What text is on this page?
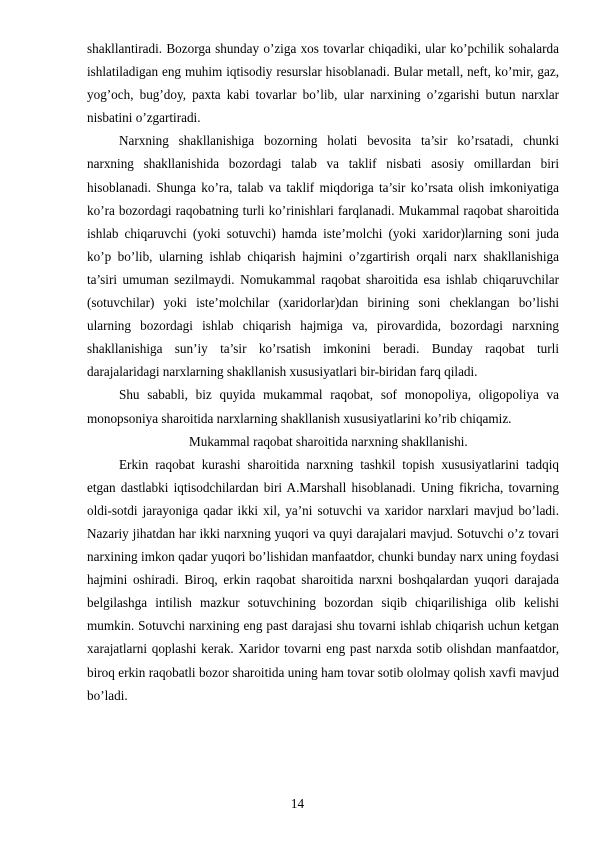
shakllantiradi. Bozorga shunday o’ziga xos tovarlar chiqadiki, ular ko’pchilik sohalarda ishlatiladigan eng muhim iqtisodiy resurslar hisoblanadi. Bular metall, neft, ko’mir, gaz, yog’och, bug’doy, paxta kabi tovarlar bo’lib, ular narxining o’zgarishi butun narxlar nisbatini o’zgartiradi.

Narxning shakllanishiga bozorning holati bevosita ta’sir ko’rsatadi, chunki narxning shakllanishida bozordagi talab va taklif nisbati asosiy omillardan biri hisoblanadi. Shunga ko’ra, talab va taklif miqdoriga ta’sir ko’rsata olish imkoniyatiga ko’ra bozordagi raqobatning turli ko’rinishlari farqlanadi. Mukammal raqobat sharoitida ishlab chiqaruvchi (yoki sotuvchi) hamda iste’molchi (yoki xaridor)larning soni juda ko’p bo’lib, ularning ishlab chiqarish hajmini o’zgartirish orqali narx shakllanishiga ta’siri umuman sezilmaydi. Nomukammal raqobat sharoitida esa ishlab chiqaruvchilar (sotuvchilar) yoki iste’molchilar (xaridorlar)dan birining soni cheklangan bo’lishi ularning bozordagi ishlab chiqarish hajmiga va, pirovardida, bozordagi narxning shakllanishiga sun’iy ta’sir ko’rsatish imkonini beradi. Bunday raqobat turli darajalaridagi narxlarning shakllanish xususiyatlari bir-biridan farq qiladi.

Shu sababli, biz quyida mukammal raqobat, sof monopoliya, oligopoliya va monopsoniya sharoitida narxlarning shakllanish xususiyatlarini ko’rib chiqamiz.

Mukammal raqobat sharoitida narxning shakllanishi.

Erkin raqobat kurashi sharoitida narxning tashkil topish xususiyatlarini tadqiq etgan dastlabki iqtisodchilardan biri A.Marshall hisoblanadi. Uning fikricha, tovarning oldi-sotdi jarayoniga qadar ikki xil, ya’ni sotuvchi va xaridor narxlari mavjud bo’ladi. Nazariy jihatdan har ikki narxning yuqori va quyi darajalari mavjud. Sotuvchi o’z tovari narxining imkon qadar yuqori bo’lishidan manfaatdor, chunki bunday narx uning foydasi hajmini oshiradi. Biroq, erkin raqobat sharoitida narxni boshqalardan yuqori darajada belgilashga intilish mazkur sotuvchining bozordan siqib chiqarilishiga olib kelishi mumkin. Sotuvchi narxining eng past darajasi shu tovarni ishlab chiqarish uchun ketgan xarajatlarni qoplashi kerak. Xaridor tovarni eng past narxda sotib olishdan manfaatdor, biroq erkin raqobatli bozor sharoitida uning ham tovar sotib ololmay qolish xavfi mavjud bo’ladi.

14
